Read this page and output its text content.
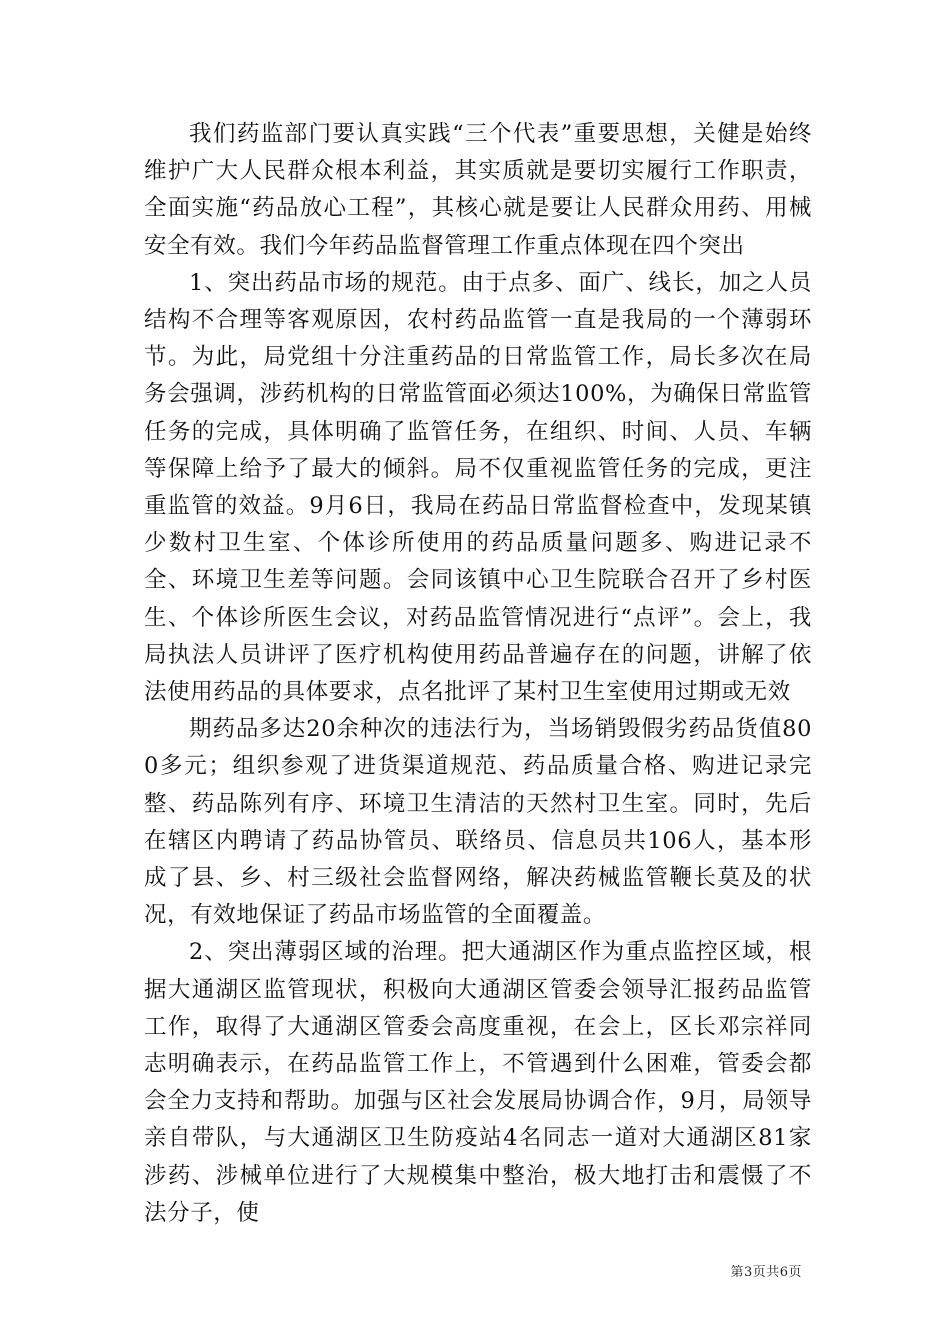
我们药监部门要认真实践“三个代表”重要思想，关健是始终维护广大人民群众根本利益，其实质就是要切实履行工作职责，全面实施“药品放心工程”，其核心就是要让人民群众用药、用械安全有效。我们今年药品监督管理工作重点体现在四个突出

1、突出药品市场的规范。由于点多、面广、线长，加之人员结构不合理等客观原因，农村药品监管一直是我局的一个薄弱环节。为此，局党组十分注重药品的日常监管工作，局长多次在局务会强调，涉药机构的日常监管面必须达100%，为确保日常监管任务的完成，具体明确了监管任务，在组织、时间、人员、车辆等保障上给予了最大的倾斜。局不仅重视监管任务的完成，更注重监管的效益。9月6日，我局在药品日常监督检查中，发现某镇少数村卫生室、个体诊所使用的药品质量问题多、购进记录不全、环境卫生差等问题。会同该镇中心卫生院联合召开了乡村医生、个体诊所医生会议，对药品监管情况进行“点评”。会上，我局执法人员讲评了医疗机构使用药品普遍存在的问题，讲解了依法使用药品的具体要求，点名批评了某村卫生室使用过期或无效

期药品多达20余种次的违法行为，当场销毁假劣药品货值800多元；组织参观了进货渠道规范、药品质量合格、购进记录完整、药品陈列有序、环境卫生清洁的天然村卫生室。同时，先后在辖区内聘请了药品协管员、联络员、信息员共106人，基本形成了县、乡、村三级社会监督网络，解决药械监管鞭长莫及的状况，有效地保证了药品市场监管的全面覆盖。

2、突出薄弱区域的治理。把大通湖区作为重点监控区域，根据大通湖区监管现状，积极向大通湖区管委会领导汇报药品监管工作，取得了大通湖区管委会高度重视，在会上，区长邓宗祥同志明确表示，在药品监管工作上，不管遇到什么困难，管委会都会全力支持和帮助。加强与区社会发展局协调合作，9月，局领导亲自带队，与大通湖区卫生防疫站4名同志一道对大通湖区81家涉药、涉械单位进行了大规模集中整治，极大地打击和震慑了不法分子，使

第3页共6页
